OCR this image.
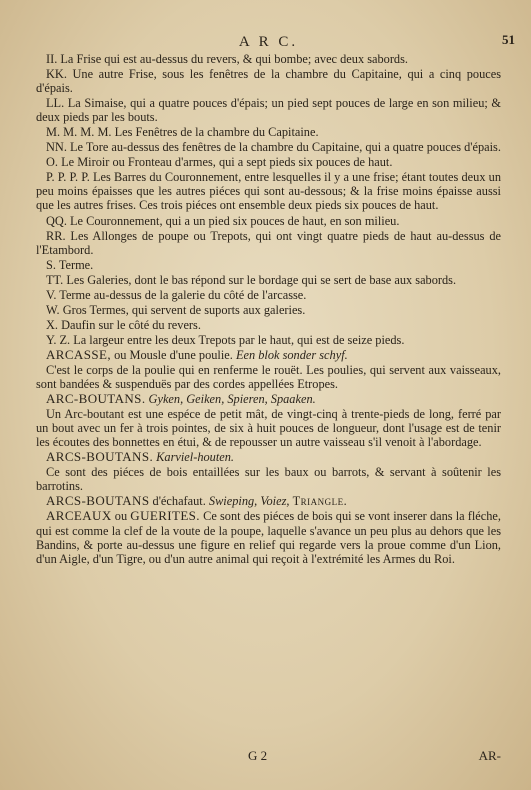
A R C.	51

II. La Frise qui est au-dessus du revers, & qui bombe; avec deux sabords.

KK. Une autre Frise, sous les fenêtres de la chambre du Capitaine, qui a cinq pouces d'épais.

LL. La Simaise, qui a quatre pouces d'épais; un pied sept pouces de large en son milieu; & deux pieds par les bouts.

M. M. M. M. Les Fenêtres de la chambre du Capitaine.

NN. Le Tore au-dessus des fenêtres de la chambre du Capitaine, qui a quatre pouces d'épais.

O. Le Miroir ou Fronteau d'armes, qui a sept pieds six pouces de haut.

P. P. P. P. Les Barres du Couronnement, entre lesquelles il y a une frise; étant toutes deux un peu moins épaisses que les autres piéces qui sont au-dessous; & la frise moins épaisse aussi que les autres frises. Ces trois piéces ont ensemble deux pieds six pouces de haut.

QQ. Le Couronnement, qui a un pied six pouces de haut, en son milieu.

RR. Les Allonges de poupe ou Trepots, qui ont vingt quatre pieds de haut au-dessus de l'Etambord.

S. Terme.

TT. Les Galeries, dont le bas répond sur le bordage qui se sert de base aux sabords.

V. Terme au-dessus de la galerie du côté de l'arcasse.

W. Gros Termes, qui servent de suports aux galeries.

X. Daufin sur le côté du revers.

Y. Z. La largeur entre les deux Trepots par le haut, qui est de seize pieds.

ARCASSE, ou Mousle d'une poulie. Een blok sonder schyf.

C'est le corps de la poulie qui en renferme le rouët. Les poulies, qui servent aux vaisseaux, sont bandées & suspenduës par des cordes appellées Etropes.

ARC-BOUTANS. Gyken, Geiken, Spieren, Spaaken.

Un Arc-boutant est une espéce de petit mât, de vingt-cinq à trente-pieds de long, ferré par un bout avec un fer à trois pointes, de six à huit pouces de longueur, dont l'usage est de tenir les écoutes des bonnettes en étui, & de repousser un autre vaisseau s'il venoit à l'abordage.

ARCS-BOUTANS. Karviel-houten.

Ce sont des piéces de bois entaillées sur les baux ou barrots, & servant à soûtenir les barrotins.

ARCS-BOUTANS d'échafaut. Swieping, Voiez, Triangle.

ARCEAUX ou GUERITES. Ce sont des piéces de bois qui se vont inserer dans la fléche, qui est comme la clef de la voute de la poupe, laquelle s'avance un peu plus au dehors que les Bandins, & porte au-dessus une figure en relief qui regarde vers la proue comme d'un Lion, d'un Aigle, d'un Tigre, ou d'un autre animal qui reçoit à l'extrémité les Armes du Roi.

G 2	AR-
